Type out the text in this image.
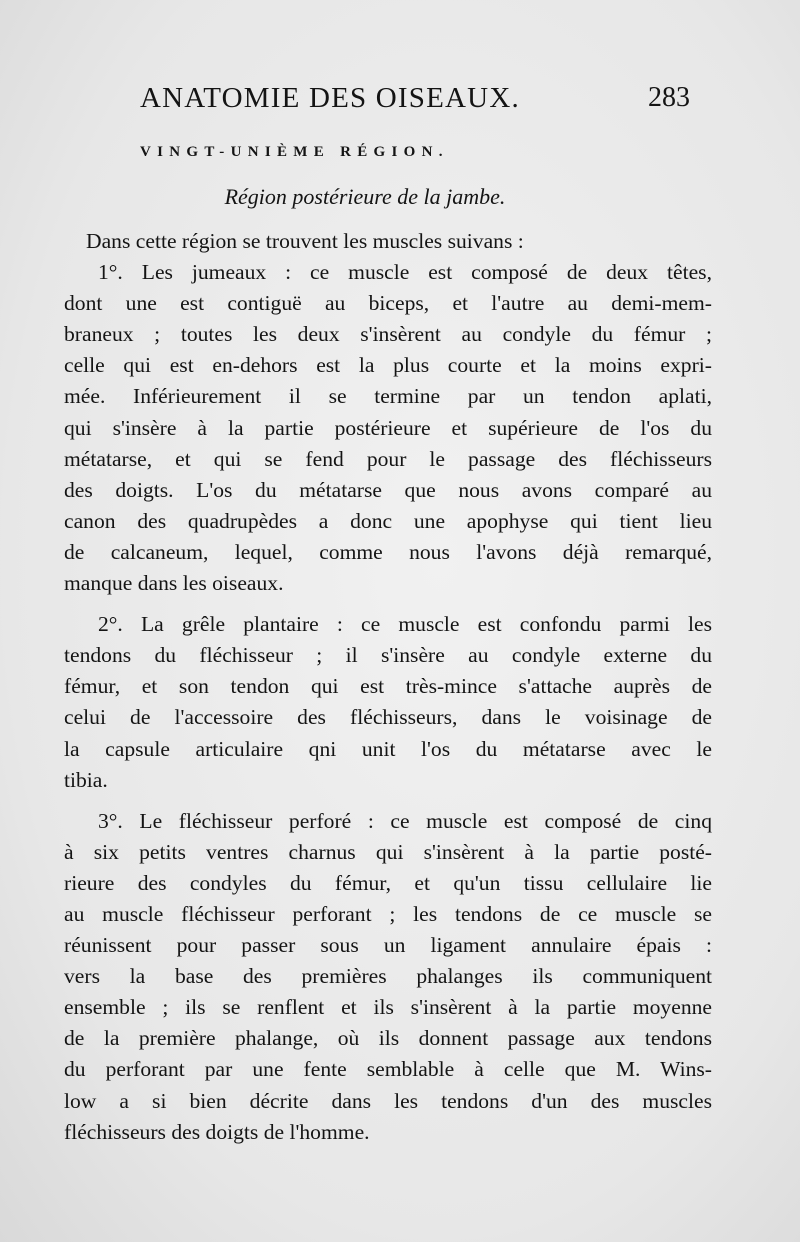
ANATOMIE DES OISEAUX.	283
VINGT-UNIÈME RÉGION.
Région postérieure de la jambe.
Dans cette région se trouvent les muscles suivans :
1°. Les jumeaux : ce muscle est composé de deux têtes,
dont une est contiguë au biceps, et l'autre au demi-mem-
braneux ; toutes les deux s'insèrent au condyle du fémur ;
celle qui est en-dehors est la plus courte et la moins expri-
mée. Inférieurement il se termine par un tendon aplati,
qui s'insère à la partie postérieure et supérieure de l'os du
métatarse, et qui se fend pour le passage des fléchisseurs
des doigts. L'os du métatarse que nous avons comparé au
canon des quadrupèdes a donc une apophyse qui tient lieu
de calcaneum, lequel, comme nous l'avons déjà remarqué,
manque dans les oiseaux.
2°. La grêle plantaire : ce muscle est confondu parmi les
tendons du fléchisseur ; il s'insère au condyle externe du
fémur, et son tendon qui est très-mince s'attache auprès de
celui de l'accessoire des fléchisseurs, dans le voisinage de
la capsule articulaire qni unit l'os du métatarse avec le
tibia.
3°. Le fléchisseur perforé : ce muscle est composé de cinq
à six petits ventres charnus qui s'insèrent à la partie posté-
rieure des condyles du fémur, et qu'un tissu cellulaire lie
au muscle fléchisseur perforant ; les tendons de ce muscle se
réunissent pour passer sous un ligament annulaire épais :
vers la base des premières phalanges ils communiquent
ensemble ; ils se renflent et ils s'insèrent à la partie moyenne
de la première phalange, où ils donnent passage aux tendons
du perforant par une fente semblable à celle que M. Wins-
low a si bien décrite dans les tendons d'un des muscles
fléchisseurs des doigts de l'homme.
